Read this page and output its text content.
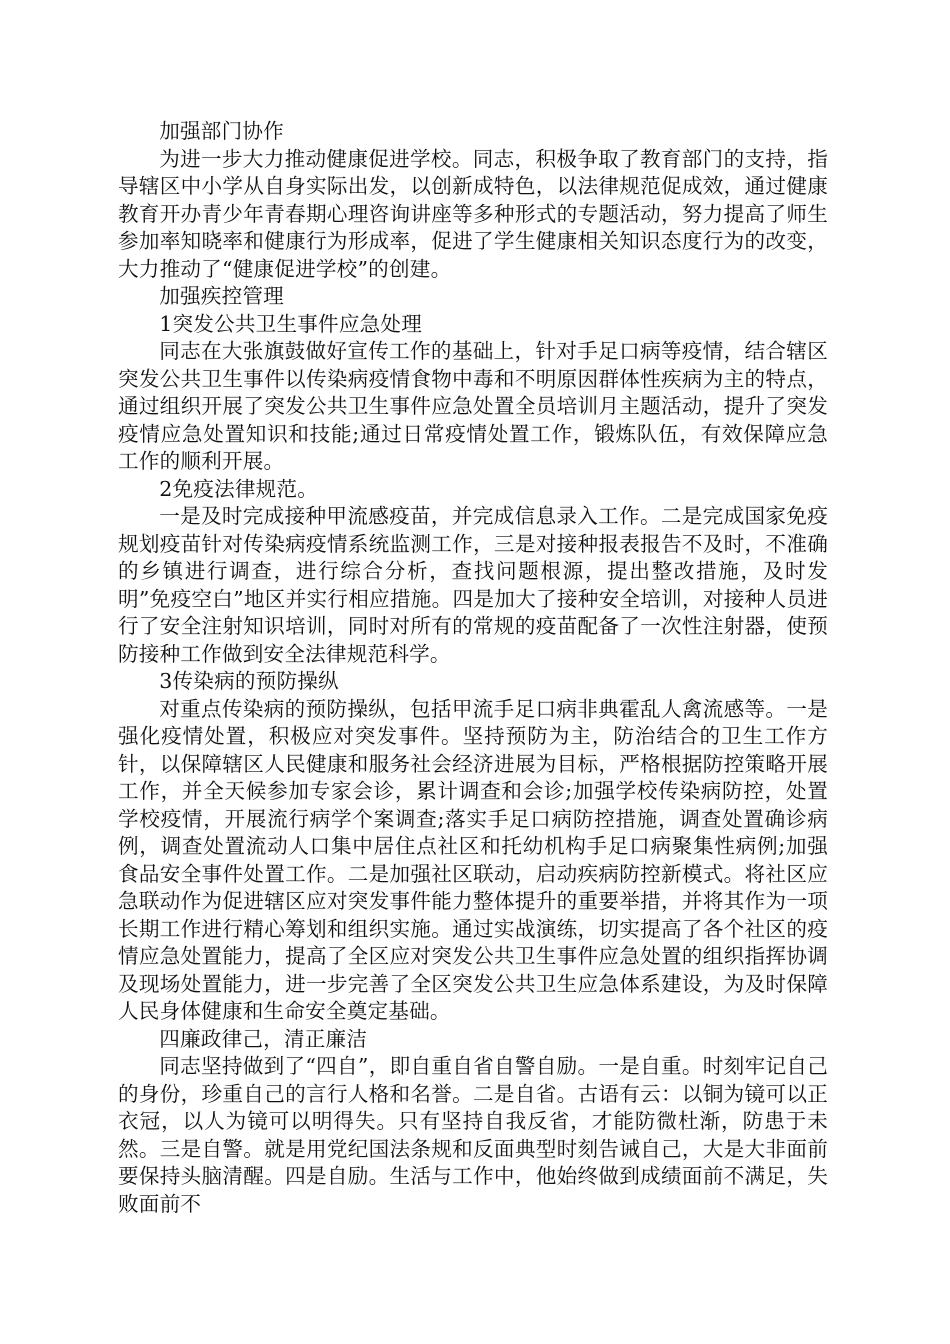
加强部门协作

为进一步大力推动健康促进学校。同志，积极争取了教育部门的支持，指导辖区中小学从自身实际出发，以创新成特色，以法律规范促成效，通过健康教育开办青少年青春期心理咨询讲座等多种形式的专题活动，努力提高了师生参加率知晓率和健康行为形成率，促进了学生健康相关知识态度行为的改变，大力推动了“健康促进学校”的创建。

加强疾控管理

1突发公共卫生事件应急处理

同志在大张旗鼓做好宣传工作的基础上，针对手足口病等疫情，结合辖区突发公共卫生事件以传染病疫情食物中毒和不明原因群体性疾病为主的特点，通过组织开展了突发公共卫生事件应急处置全员培训月主题活动，提升了突发疫情应急处置知识和技能;通过日常疫情处置工作，锻炼队伍，有效保障应急工作的顺利开展。

2免疫法律规范。

一是及时完成接种甲流感疫苗，并完成信息录入工作。二是完成国家免疫规划疫苗针对传染病疫情系统监测工作，三是对接种报表报告不及时，不准确的乡镇进行调查，进行综合分析，查找问题根源，提出整改措施，及时发明”免疫空白”地区并实行相应措施。四是加大了接种安全培训，对接种人员进行了安全注射知识培训，同时对所有的常规的疫苗配备了一次性注射器，使预防接种工作做到安全法律规范科学。

3传染病的预防操纵

对重点传染病的预防操纵，包括甲流手足口病非典霍乱人禽流感等。一是强化疫情处置，积极应对突发事件。坚持预防为主，防治结合的卫生工作方针，以保障辖区人民健康和服务社会经济进展为目标，严格根据防控策略开展工作，并全天候参加专家会诊，累计调查和会诊;加强学校传染病防控，处置学校疫情，开展流行病学个案调查;落实手足口病防控措施，调查处置确诊病例，调查处置流动人口集中居住点社区和托幼机构手足口病聚集性病例;加强食品安全事件处置工作。二是加强社区联动，启动疾病防控新模式。将社区应急联动作为促进辖区应对突发事件能力整体提升的重要举措，并将其作为一项长期工作进行精心筹划和组织实施。通过实战演练，切实提高了各个社区的疫情应急处置能力，提高了全区应对突发公共卫生事件应急处置的组织指挥协调及现场处置能力，进一步完善了全区突发公共卫生应急体系建设，为及时保障人民身体健康和生命安全奠定基础。

四廉政律己，清正廉洁

同志坚持做到了“四自”，即自重自省自警自励。一是自重。时刻牢记自己的身份，珍重自己的言行人格和名誉。二是自省。古语有云：以铜为镜可以正衣冠，以人为镜可以明得失。只有坚持自我反省，才能防微杜渐，防患于未然。三是自警。就是用党纪国法条规和反面典型时刻告诫自己，大是大非面前要保持头脑清醒。四是自励。生活与工作中，他始终做到成绩面前不满足，失败面前不
